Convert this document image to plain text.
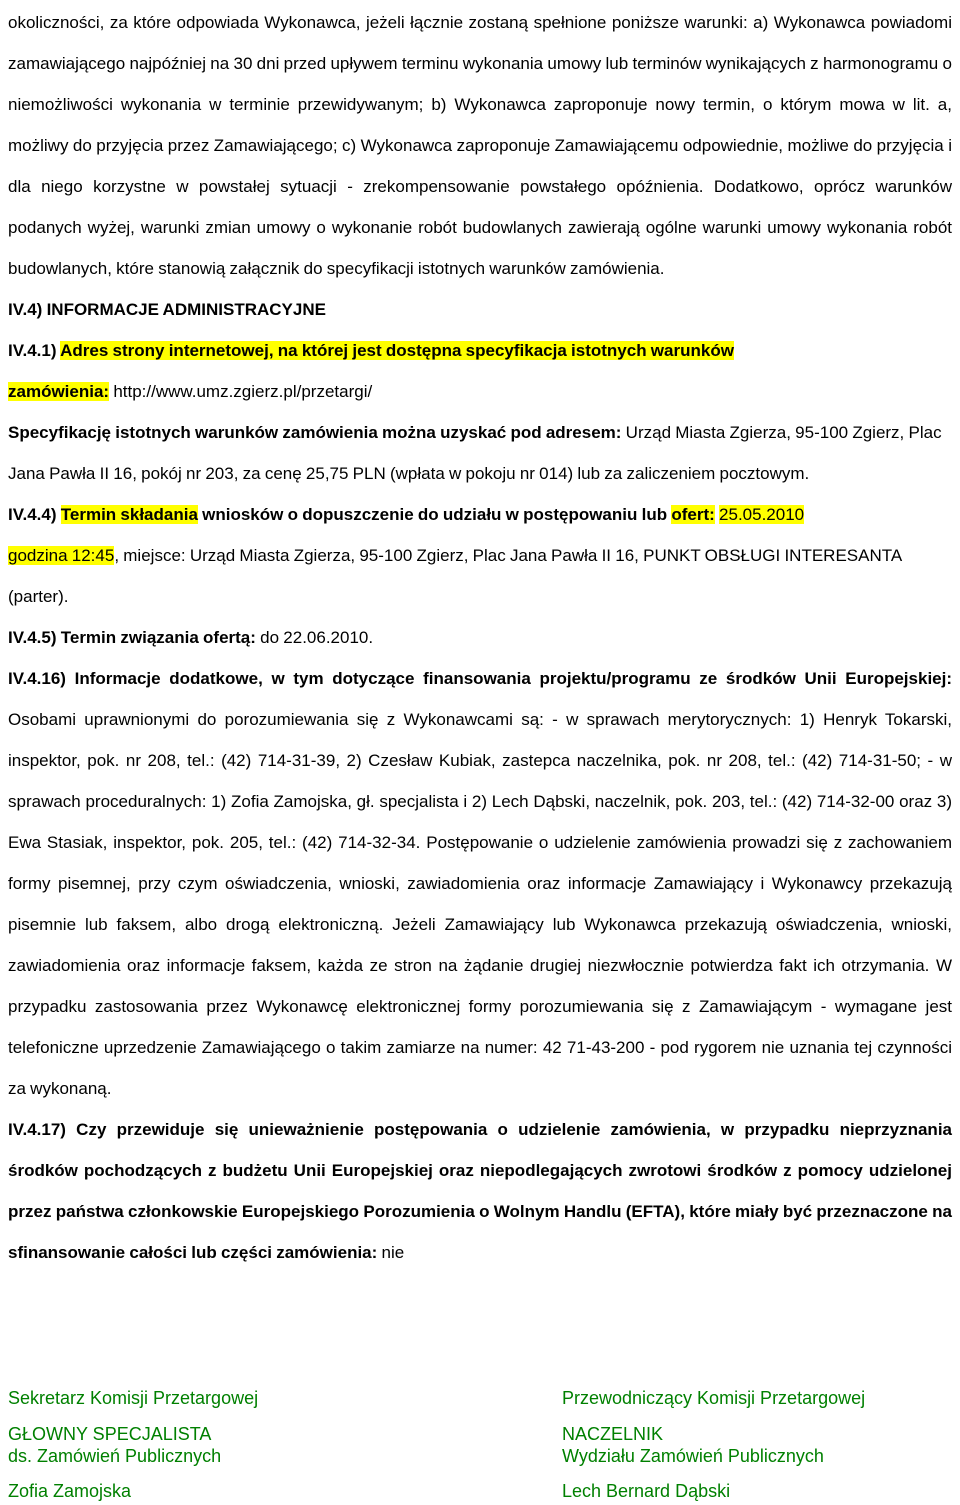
okoliczności, za które odpowiada Wykonawca, jeżeli łącznie zostaną spełnione poniższe warunki: a) Wykonawca powiadomi zamawiającego najpóźniej na 30 dni przed upływem terminu wykonania umowy lub terminów wynikających z harmonogramu o niemożliwości wykonania w terminie przewidywanym; b) Wykonawca zaproponuje nowy termin, o którym mowa w lit. a, możliwy do przyjęcia przez Zamawiającego; c) Wykonawca zaproponuje Zamawiającemu odpowiednie, możliwe do przyjęcia i dla niego korzystne w powstałej sytuacji - zrekompensowanie powstałego opóźnienia. Dodatkowo, oprócz warunków podanych wyżej, warunki zmian umowy o wykonanie robót budowlanych zawierają ogólne warunki umowy wykonania robót budowlanych, które stanowią załącznik do specyfikacji istotnych warunków zamówienia.

IV.4) INFORMACJE ADMINISTRACYJNE

IV.4.1) Adres strony internetowej, na której jest dostępna specyfikacja istotnych warunków
zamówienia: http://www.umz.zgierz.pl/przetargi/

Specyfikację istotnych warunków zamówienia można uzyskać pod adresem: Urząd Miasta Zgierza, 95-100 Zgierz, Plac Jana Pawła II 16, pokój nr 203, za cenę 25,75 PLN (wpłata w pokoju nr 014) lub za zaliczeniem pocztowym.

IV.4.4) Termin składania wniosków o dopuszczenie do udziału w postępowaniu lub ofert: 25.05.2010
godzina 12:45, miejsce: Urząd Miasta Zgierza, 95-100 Zgierz, Plac Jana Pawła II 16, PUNKT OBSŁUGI INTERESANTA (parter).

IV.4.5) Termin związania ofertą: do 22.06.2010.

IV.4.16) Informacje dodatkowe, w tym dotyczące finansowania projektu/programu ze środków Unii Europejskiej: Osobami uprawnionymi do porozumiewania się z Wykonawcami są: - w sprawach merytorycznych: 1) Henryk Tokarski, inspektor, pok. nr 208, tel.: (42) 714-31-39, 2) Czesław Kubiak, zastepca naczelnika, pok. nr 208, tel.: (42) 714-31-50; - w sprawach proceduralnych: 1) Zofia Zamojska, gł. specjalista i 2) Lech Dąbski, naczelnik, pok. 203, tel.: (42) 714-32-00 oraz 3) Ewa Stasiak, inspektor, pok. 205, tel.: (42) 714-32-34. Postępowanie o udzielenie zamówienia prowadzi się z zachowaniem formy pisemnej, przy czym oświadczenia, wnioski, zawiadomienia oraz informacje Zamawiający i Wykonawcy przekazują pisemnie lub faksem, albo drogą elektroniczną. Jeżeli Zamawiający lub Wykonawca przekazują oświadczenia, wnioski, zawiadomienia oraz informacje faksem, każda ze stron na żądanie drugiej niezwłocznie potwierdza fakt ich otrzymania. W przypadku zastosowania przez Wykonawcę elektronicznej formy porozumiewania się z Zamawiającym - wymagane jest telefoniczne uprzedzenie Zamawiającego o takim zamiarze na numer: 42 71-43-200 - pod rygorem nie uznania tej czynności za wykonaną.

IV.4.17) Czy przewiduje się unieważnienie postępowania o udzielenie zamówienia, w przypadku nieprzyznania środków pochodzących z budżetu Unii Europejskiej oraz niepodlegających zwrotowi środków z pomocy udzielonej przez państwa członkowskie Europejskiego Porozumienia o Wolnym Handlu (EFTA), które miały być przeznaczone na sfinansowanie całości lub części zamówienia: nie

Sekretarz Komisji Przetargowej

GŁOWNY SPECJALISTA

ds. Zamówień Publicznych

Zofia Zamojska

Przewodniczący Komisji Przetargowej

NACZELNIK

Wydziału Zamówień Publicznych

Lech Bernard Dąbski
